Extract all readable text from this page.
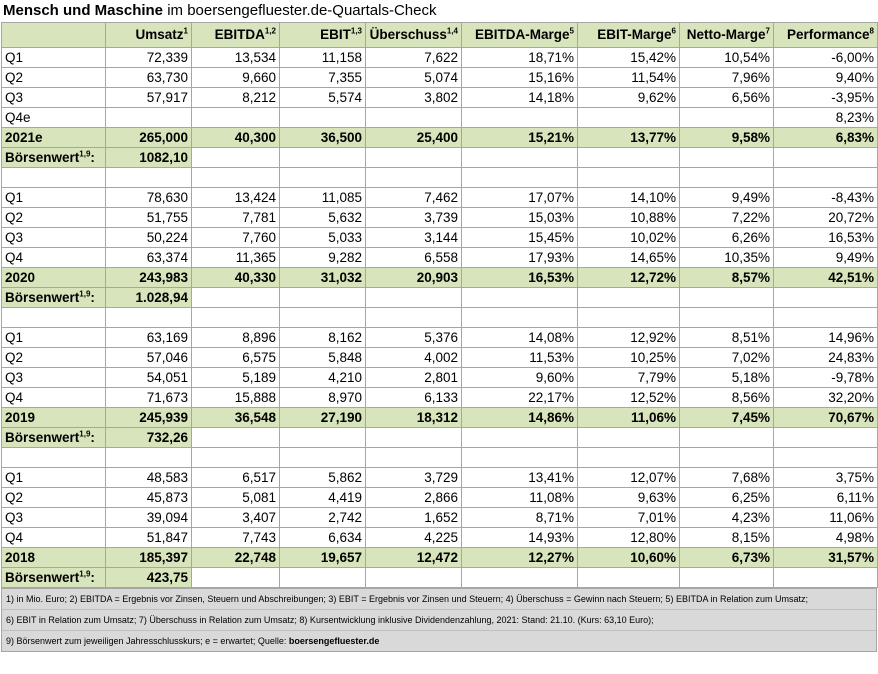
Mensch und Maschine im boersengefluester.de-Quartals-Check
	Umsatz$^1$	EBITDA$^{1,2}$	EBIT$^{1,3}$	Überschuss$^{1,4}$	EBITDA-Marge$^5$	EBIT-Marge$^6$	Netto-Marge$^7$	Performance$^8$
Q1	72,339	13,534	11,158	7,622	18,71%	15,42%	10,54%	-6,00%
Q2	63,730	9,660	7,355	5,074	15,16%	11,54%	7,96%	9,40%
Q3	57,917	8,212	5,574	3,802	14,18%	9,62%	6,56%	-3,95%
Q4e								8,23%
2021e	265,000	40,300	36,500	25,400	15,21%	13,77%	9,58%	6,83%
Börsenwert$^{1,9}$:	1082,10							

Q1	78,630	13,424	11,085	7,462	17,07%	14,10%	9,49%	-8,43%
Q2	51,755	7,781	5,632	3,739	15,03%	10,88%	7,22%	20,72%
Q3	50,224	7,760	5,033	3,144	15,45%	10,02%	6,26%	16,53%
Q4	63,374	11,365	9,282	6,558	17,93%	14,65%	10,35%	9,49%
2020	243,983	40,330	31,032	20,903	16,53%	12,72%	8,57%	42,51%
Börsenwert$^{1,9}$:	1.028,94							

Q1	63,169	8,896	8,162	5,376	14,08%	12,92%	8,51%	14,96%
Q2	57,046	6,575	5,848	4,002	11,53%	10,25%	7,02%	24,83%
Q3	54,051	5,189	4,210	2,801	9,60%	7,79%	5,18%	-9,78%
Q4	71,673	15,888	8,970	6,133	22,17%	12,52%	8,56%	32,20%
2019	245,939	36,548	27,190	18,312	14,86%	11,06%	7,45%	70,67%
Börsenwert$^{1,9}$:	732,26							

Q1	48,583	6,517	5,862	3,729	13,41%	12,07%	7,68%	3,75%
Q2	45,873	5,081	4,419	2,866	11,08%	9,63%	6,25%	6,11%
Q3	39,094	3,407	2,742	1,652	8,71%	7,01%	4,23%	11,06%
Q4	51,847	7,743	6,634	4,225	14,93%	12,80%	8,15%	4,98%
2018	185,397	22,748	19,657	12,472	12,27%	10,60%	6,73%	31,57%
Börsenwert$^{1,9}$:	423,75							
1) in Mio. Euro; 2) EBITDA = Ergebnis vor Zinsen, Steuern und Abschreibungen; 3) EBIT = Ergebnis vor Zinsen und Steuern; 4) Überschuss = Gewinn nach Steuern; 5) EBITDA in Relation zum Umsatz;
6) EBIT in Relation zum Umsatz; 7) Überschuss in Relation zum Umsatz; 8) Kursentwicklung inklusive Dividendenzahlung, 2021: Stand: 21.10. (Kurs: 63,10 Euro);
9) Börsenwert zum jeweiligen Jahresschlusskurs; e = erwartet; Quelle: boersengefluester.de
